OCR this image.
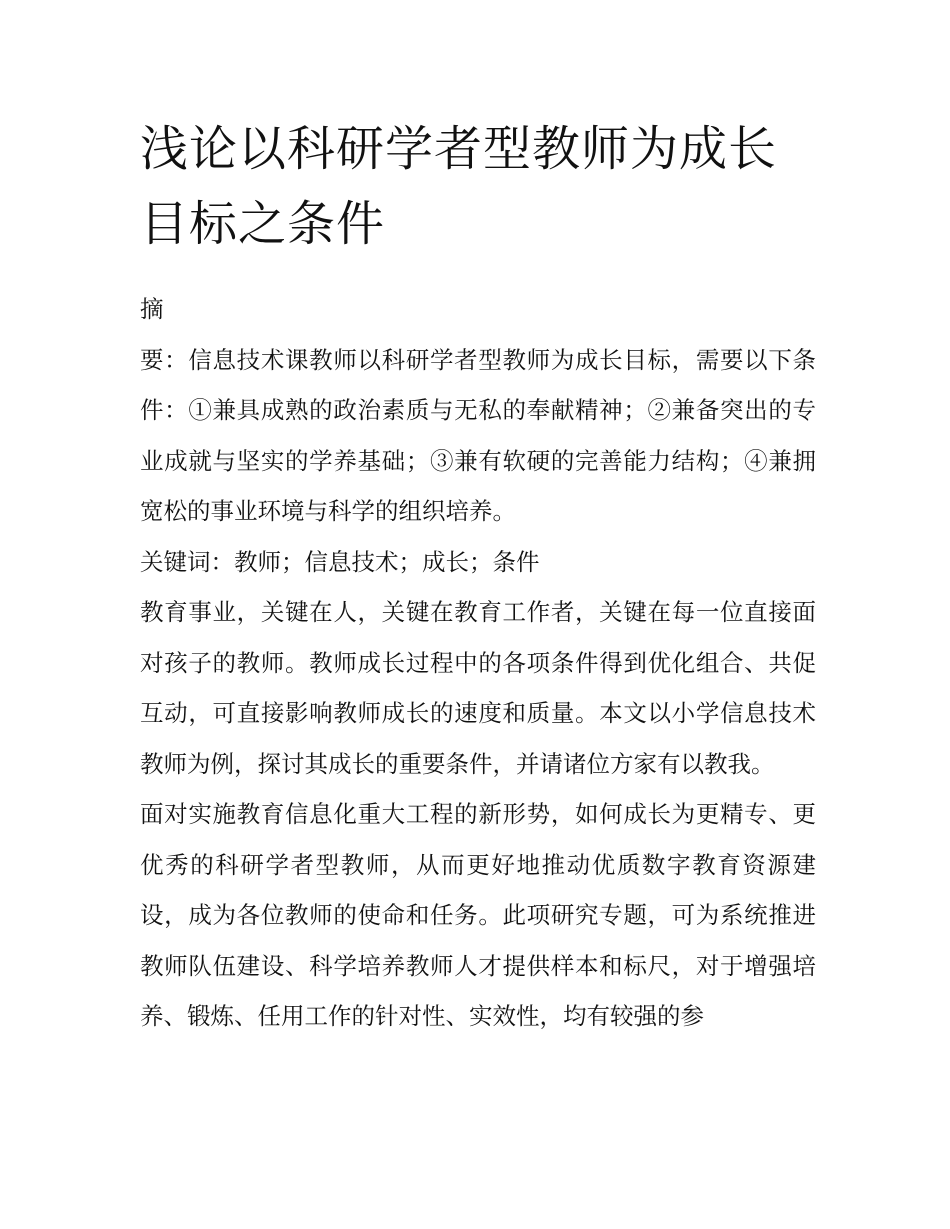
浅论以科研学者型教师为成长目标之条件

摘

要：信息技术课教师以科研学者型教师为成长目标，需要以下条件：①兼具成熟的政治素质与无私的奉献精神；②兼备突出的专业成就与坚实的学养基础；③兼有软硬的完善能力结构；④兼拥宽松的事业环境与科学的组织培养。

关键词：教师；信息技术；成长；条件

教育事业，关键在人，关键在教育工作者，关键在每一位直接面对孩子的教师。教师成长过程中的各项条件得到优化组合、共促互动，可直接影响教师成长的速度和质量。本文以小学信息技术教师为例，探讨其成长的重要条件，并请诸位方家有以教我。

面对实施教育信息化重大工程的新形势，如何成长为更精专、更优秀的科研学者型教师，从而更好地推动优质数字教育资源建设，成为各位教师的使命和任务。此项研究专题，可为系统推进教师队伍建设、科学培养教师人才提供样本和标尺，对于增强培养、锻炼、任用工作的针对性、实效性，均有较强的参
